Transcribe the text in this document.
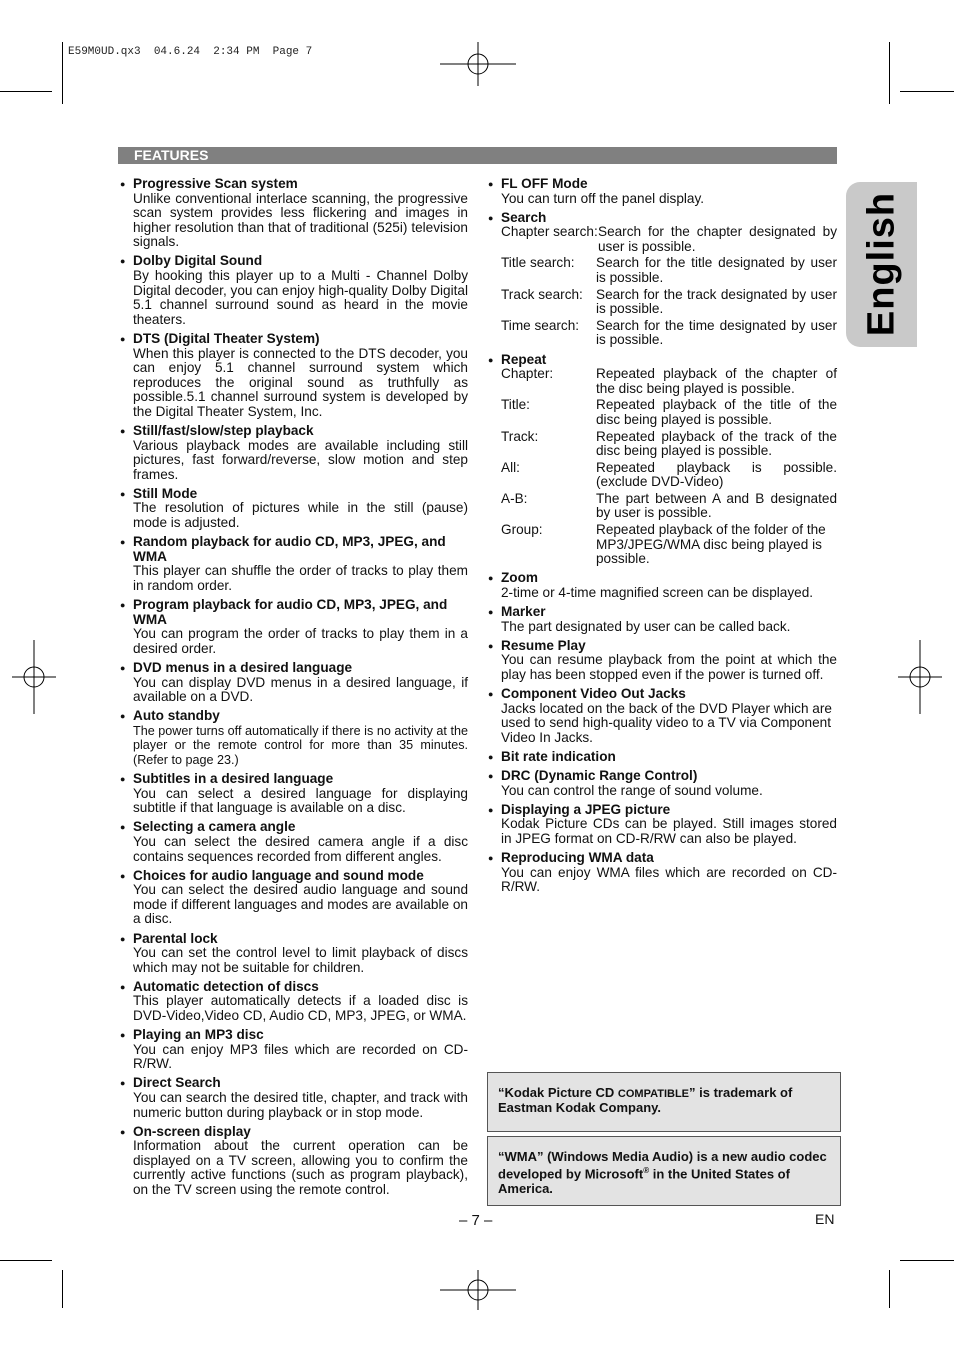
E59M0UD.qx3  04.6.24  2:34 PM  Page 7
FEATURES
English
● Progressive Scan system
Unlike conventional interlace scanning, the progressive scan system provides less flickering and images in higher resolution than that of traditional (525i) television signals.
● Dolby Digital Sound
By hooking this player up to a Multi - Channel Dolby Digital decoder, you can enjoy high-quality Dolby Digital 5.1 channel surround sound as heard in the movie theaters.
● DTS (Digital Theater System)
When this player is connected to the DTS decoder, you can enjoy 5.1 channel surround system which reproduces the original sound as truthfully as possible.5.1 channel surround system is developed by the Digital Theater System, Inc.
● Still/fast/slow/step playback
Various playback modes are available including still pictures, fast forward/reverse, slow motion and step frames.
● Still Mode
The resolution of pictures while in the still (pause) mode is adjusted.
● Random playback for audio CD, MP3, JPEG, and WMA
This player can shuffle the order of tracks to play them in random order.
● Program playback for audio CD, MP3, JPEG, and WMA
You can program the order of tracks to play them in a desired order.
● DVD menus in a desired language
You can display DVD menus in a desired language, if available on a DVD.
● Auto standby
The power turns off automatically if there is no activity at the player or the remote control for more than 35 minutes. (Refer to page 23.)
● Subtitles in a desired language
You can select a desired language for displaying subtitle if that language is available on a disc.
● Selecting a camera angle
You can select the desired camera angle if a disc contains sequences recorded from different angles.
● Choices for audio language and sound mode
You can select the desired audio language and sound mode if different languages and modes are available on a disc.
● Parental lock
You can set the control level to limit playback of discs which may not be suitable for children.
● Automatic detection of discs
This player automatically detects if a loaded disc is DVD-Video,Video CD, Audio CD, MP3, JPEG, or WMA.
● Playing an MP3 disc
You can enjoy MP3 files which are recorded on CD-R/RW.
● Direct Search
You can search the desired title, chapter, and track with numeric button during playback or in stop mode.
● On-screen display
Information about the current operation can be displayed on a TV screen, allowing you to confirm the currently active functions (such as program playback), on the TV screen using the remote control.
● FL OFF Mode
You can turn off the panel display.
● Search
Chapter search: Search for the chapter designated by user is possible.
Title search:	Search for the title designated by user is possible.
Track search: Search for the track designated by user is possible.
Time search:	Search for the time designated by user is possible.
● Repeat
Chapter:	Repeated playback of the chapter of the disc being played is possible.
Title:	Repeated playback of the title of the disc being played is possible.
Track:	Repeated playback of the track of the disc being played is possible.
All:	Repeated playback is possible. (exclude DVD-Video)
A-B:	The part between A and B designated by user is possible.
Group:	Repeated playback of the folder of the MP3/JPEG/WMA disc being played is possible.
● Zoom
2-time or 4-time magnified screen can be displayed.
● Marker
The part designated by user can be called back.
● Resume Play
You can resume playback from the point at which the play has been stopped even if the power is turned off.
● Component Video Out Jacks
Jacks located on the back of the DVD Player which are used to send high-quality video to a TV via Component Video In Jacks.
● Bit rate indication
● DRC (Dynamic Range Control)
You can control the range of sound volume.
● Displaying a JPEG picture
Kodak Picture CDs can be played. Still images stored in JPEG format on CD-R/RW can also be played.
● Reproducing WMA data
You can enjoy WMA files which are recorded on CD-R/RW.
“Kodak Picture CD COMPATIBLE” is trademark of Eastman Kodak Company.
“WMA” (Windows Media Audio) is a new audio codec developed by Microsoft® in the United States of America.
– 7 –	EN
